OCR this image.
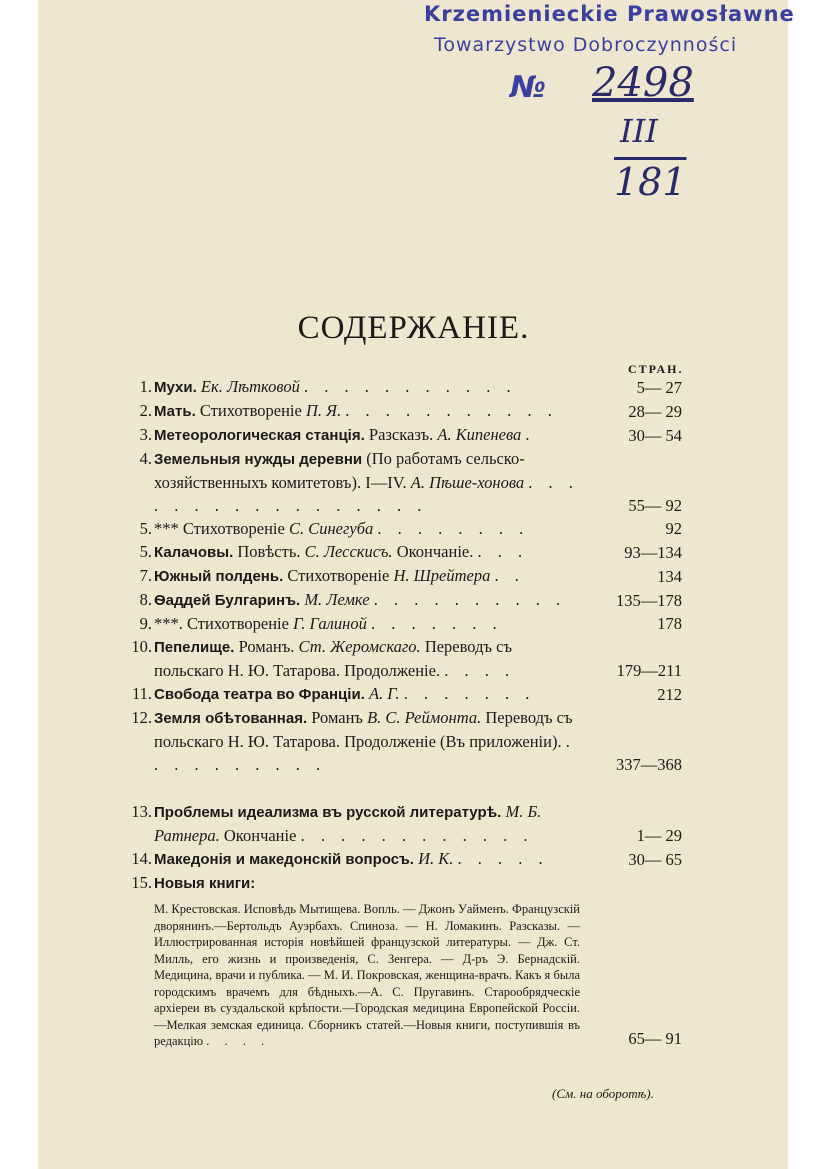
Krzemienieckie Prawosławne
Towarzystwo Dobroczynności
№ 2498
III
181
СОДЕРЖАНІЕ.
СТРАН.
1. Мухи. Ек. Лѣтковой . . . . . . . . . . .	5— 27
2. Мать. Стихотвореніе П. Я. . . . . . . . . . . .	28— 29
3. Метеорологическая станція. Разсказъ. А. Кипенева .	30— 54
4. Земельныя нужды деревни (По работамъ сельско-хозяйственныхъ комитетовъ). I—IV. А. Пѣше-хонова . . . . . . . . . . . . . . . . .	55— 92
5. *** Стихотвореніе С. Синегуба . . . . . . . .	92
5. Калачовы. Повѣсть. С. Лесскисъ. Окончаніе. . . .	93—134
7. Южный полдень. Стихотвореніе Н. Шрейтера . .	134
8. Ѳаддей Булгаринъ. М. Лемке . . . . . . . . . .	135—178
9. ***. Стихотвореніе Г. Галиной . . . . . . .	178
10. Пепелище. Романъ. Ст. Жеромскаго. Переводъ съ польскаго Н. Ю. Татарова. Продолженіе. . . . .	179—211
11. Свобода театра во Франціи. А. Г. . . . . . . .	212
12. Земля обѣтованная. Романъ В. С. Реймонта. Переводъ съ польскаго Н. Ю. Татарова. Продолженіе (Въ приложеніи). . . . . . . . . . .	337—368
13. Проблемы идеализма въ русской литературѣ. М. Б. Ратнера. Окончаніе . . . . . . . . . . . .	1— 29
14. Македонія и македонскій вопросъ. И. К. . . . . .	30— 65
15. Новыя книги:
М. Крестовская. Исповѣдь Мытищева. Вопль. — Джонъ Уайменъ. Французскій дворянинъ.—Бертольдъ Ауэрбахъ. Спиноза. — Н. Ломакинъ. Разсказы. — Иллюстрированная исторія новѣйшей французской литературы. — Дж. Ст. Милль, его жизнь и произведенія, С. Зенгера. — Д-ръ Э. Бернадскій. Медицина, врачи и публика. — М. И. Покровская, женщина-врачъ. Какъ я была городскимъ врачемъ для бѣдныхъ.—А. С. Пругавинъ. Старообрядческіе архіереи въ суздальской крѣпости.—Городская медицина Европейской Россіи.—Мелкая земская единица. Сборникъ статей.—Новыя книги, поступившія въ редакцію . . . .	65— 91
(См. на оборотѣ).
